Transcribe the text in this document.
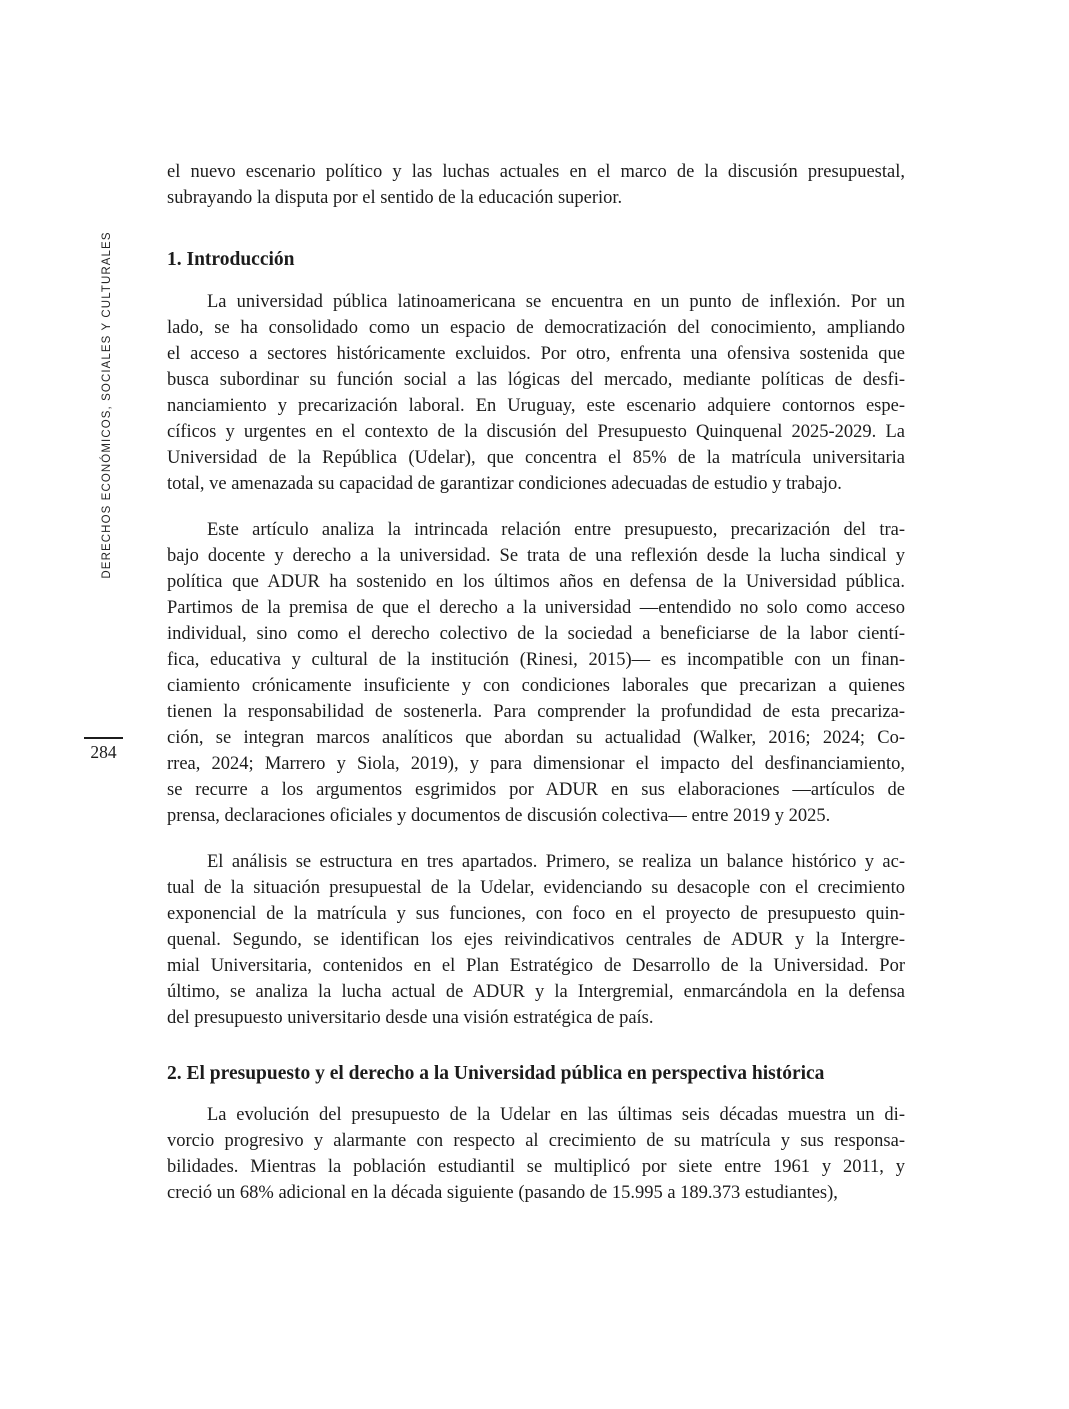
DERECHOS ECONÓMICOS, SOCIALES Y CULTURALES
284
el nuevo escenario político y las luchas actuales en el marco de la discusión presupuestal,
subrayando la disputa por el sentido de la educación superior.
1. Introducción
La universidad pública latinoamericana se encuentra en un punto de inflexión. Por un
lado, se ha consolidado como un espacio de democratización del conocimiento, ampliando
el acceso a sectores históricamente excluidos. Por otro, enfrenta una ofensiva sostenida que
busca subordinar su función social a las lógicas del mercado, mediante políticas de desfi-
nanciamiento y precarización laboral. En Uruguay, este escenario adquiere contornos espe-
cíficos y urgentes en el contexto de la discusión del Presupuesto Quinquenal 2025-2029. La
Universidad de la República (Udelar), que concentra el 85% de la matrícula universitaria
total, ve amenazada su capacidad de garantizar condiciones adecuadas de estudio y trabajo.
Este artículo analiza la intrincada relación entre presupuesto, precarización del tra-
bajo docente y derecho a la universidad. Se trata de una reflexión desde la lucha sindical y
política que ADUR ha sostenido en los últimos años en defensa de la Universidad pública.
Partimos de la premisa de que el derecho a la universidad —entendido no solo como acceso
individual, sino como el derecho colectivo de la sociedad a beneficiarse de la labor cientí-
fica, educativa y cultural de la institución (Rinesi, 2015)— es incompatible con un finan-
ciamiento crónicamente insuficiente y con condiciones laborales que precarizan a quienes
tienen la responsabilidad de sostenerla. Para comprender la profundidad de esta precariza-
ción, se integran marcos analíticos que abordan su actualidad (Walker, 2016; 2024; Co-
rrea, 2024; Marrero y Siola, 2019), y para dimensionar el impacto del desfinanciamiento,
se recurre a los argumentos esgrimidos por ADUR en sus elaboraciones —artículos de
prensa, declaraciones oficiales y documentos de discusión colectiva— entre 2019 y 2025.
El análisis se estructura en tres apartados. Primero, se realiza un balance histórico y ac-
tual de la situación presupuestal de la Udelar, evidenciando su desacople con el crecimiento
exponencial de la matrícula y sus funciones, con foco en el proyecto de presupuesto quin-
quenal. Segundo, se identifican los ejes reivindicativos centrales de ADUR y la Intergre-
mial Universitaria, contenidos en el Plan Estratégico de Desarrollo de la Universidad. Por
último, se analiza la lucha actual de ADUR y la Intergremial, enmarcándola en la defensa
del presupuesto universitario desde una visión estratégica de país.
2. El presupuesto y el derecho a la Universidad pública en perspectiva histórica
La evolución del presupuesto de la Udelar en las últimas seis décadas muestra un di-
vorcio progresivo y alarmante con respecto al crecimiento de su matrícula y sus responsa-
bilidades. Mientras la población estudiantil se multiplicó por siete entre 1961 y 2011, y
creció un 68% adicional en la década siguiente (pasando de 15.995 a 189.373 estudiantes),
